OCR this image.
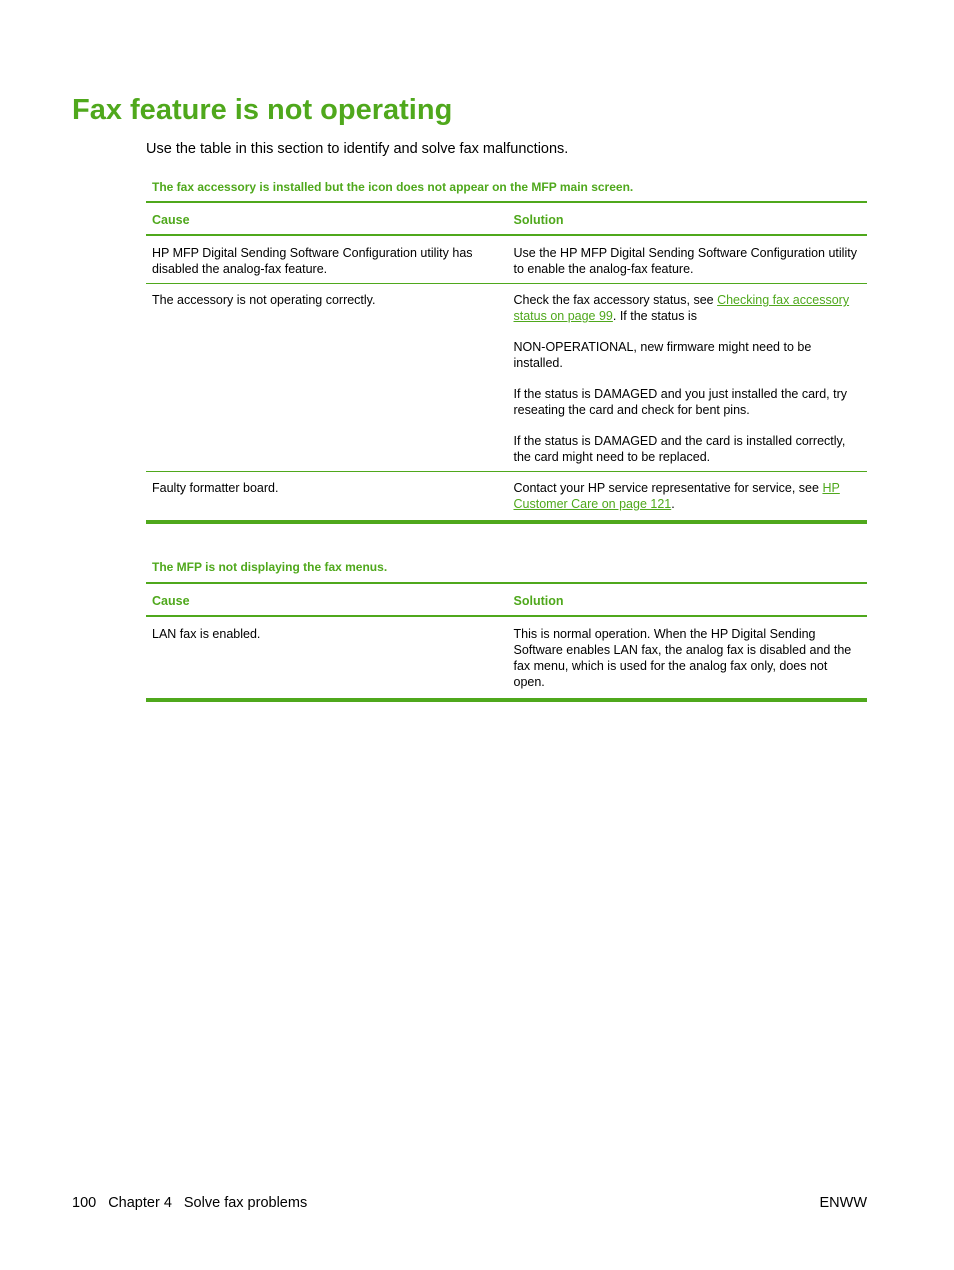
Fax feature is not operating

Use the table in this section to identify and solve fax malfunctions.

The fax accessory is installed but the icon does not appear on the MFP main screen.

Cause	Solution
HP MFP Digital Sending Software Configuration utility has disabled the analog-fax feature.	Use the HP MFP Digital Sending Software Configuration utility to enable the analog-fax feature.
The accessory is not operating correctly.	Check the fax accessory status, see Checking fax accessory status on page 99. If the status is

NON-OPERATIONAL, new firmware might need to be installed.

If the status is DAMAGED and you just installed the card, try reseating the card and check for bent pins.

If the status is DAMAGED and the card is installed correctly, the card might need to be replaced.

Faulty formatter board.	Contact your HP service representative for service, see HP Customer Care on page 121.

The MFP is not displaying the fax menus.

Cause	Solution
LAN fax is enabled.	This is normal operation. When the HP Digital Sending Software enables LAN fax, the analog fax is disabled and the fax menu, which is used for the analog fax only, does not open.
100 Chapter 4 Solve fax problems	ENWW
